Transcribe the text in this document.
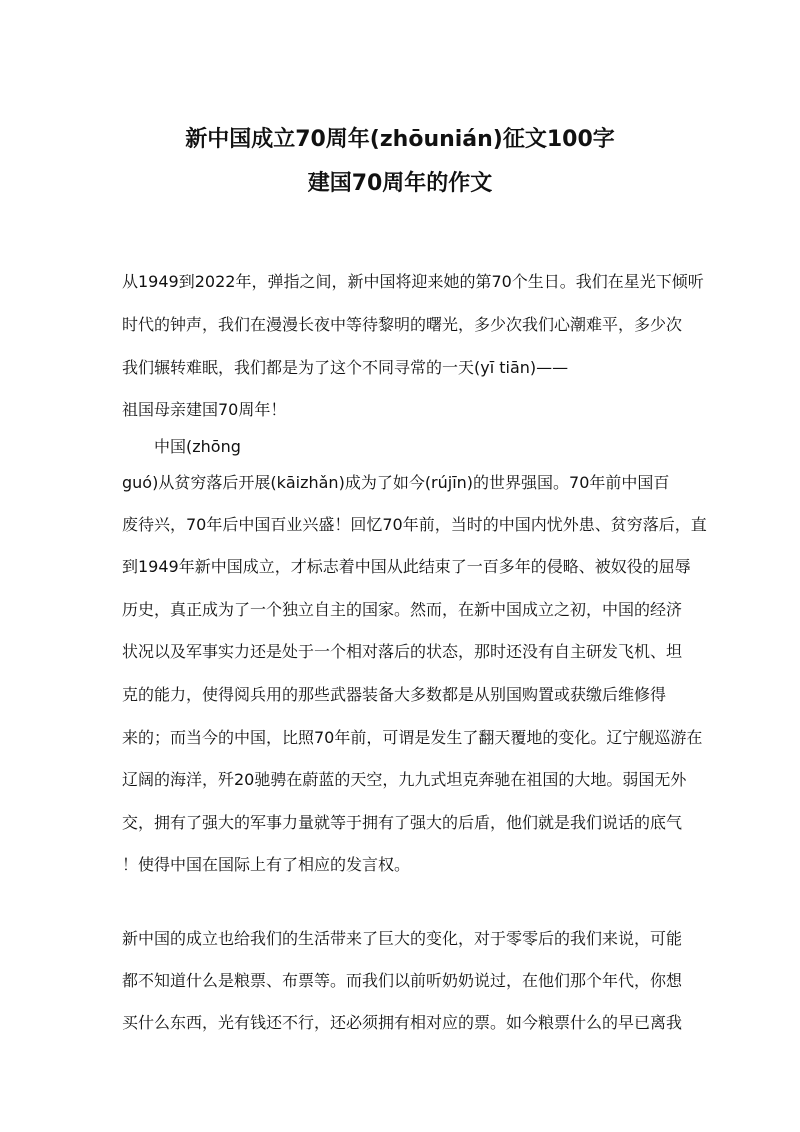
新中国成立70周年(zhōunián)征文100字
建国70周年的作文
从1949到2022年，弹指之间，新中国将迎来她的第70个生日。我们在星光下倾听
时代的钟声，我们在漫漫长夜中等待黎明的曙光，多少次我们心潮难平，多少次
我们辗转难眠，我们都是为了这个不同寻常的一天(yī tiān)——
祖国母亲建国70周年！
中国(zhōng
guó)从贫穷落后开展(kāizhǎn)成为了如今(rújīn)的世界强国。70年前中国百
废待兴，70年后中国百业兴盛！回忆70年前，当时的中国内忧外患、贫穷落后，直
到1949年新中国成立，才标志着中国从此结束了一百多年的侵略、被奴役的屈辱
历史，真正成为了一个独立自主的国家。然而，在新中国成立之初，中国的经济
状况以及军事实力还是处于一个相对落后的状态，那时还没有自主研发飞机、坦
克的能力，使得阅兵用的那些武器装备大多数都是从别国购置或获缴后维修得
来的；而当今的中国，比照70年前，可谓是发生了翻天覆地的变化。辽宁舰巡游在
辽阔的海洋，歼20驰骋在蔚蓝的天空，九九式坦克奔驰在祖国的大地。弱国无外
交，拥有了强大的军事力量就等于拥有了强大的后盾，他们就是我们说话的底气
！使得中国在国际上有了相应的发言权。
新中国的成立也给我们的生活带来了巨大的变化，对于零零后的我们来说，可能
都不知道什么是粮票、布票等。而我们以前听奶奶说过，在他们那个年代，你想
买什么东西，光有钱还不行，还必须拥有相对应的票。如今粮票什么的早已离我
